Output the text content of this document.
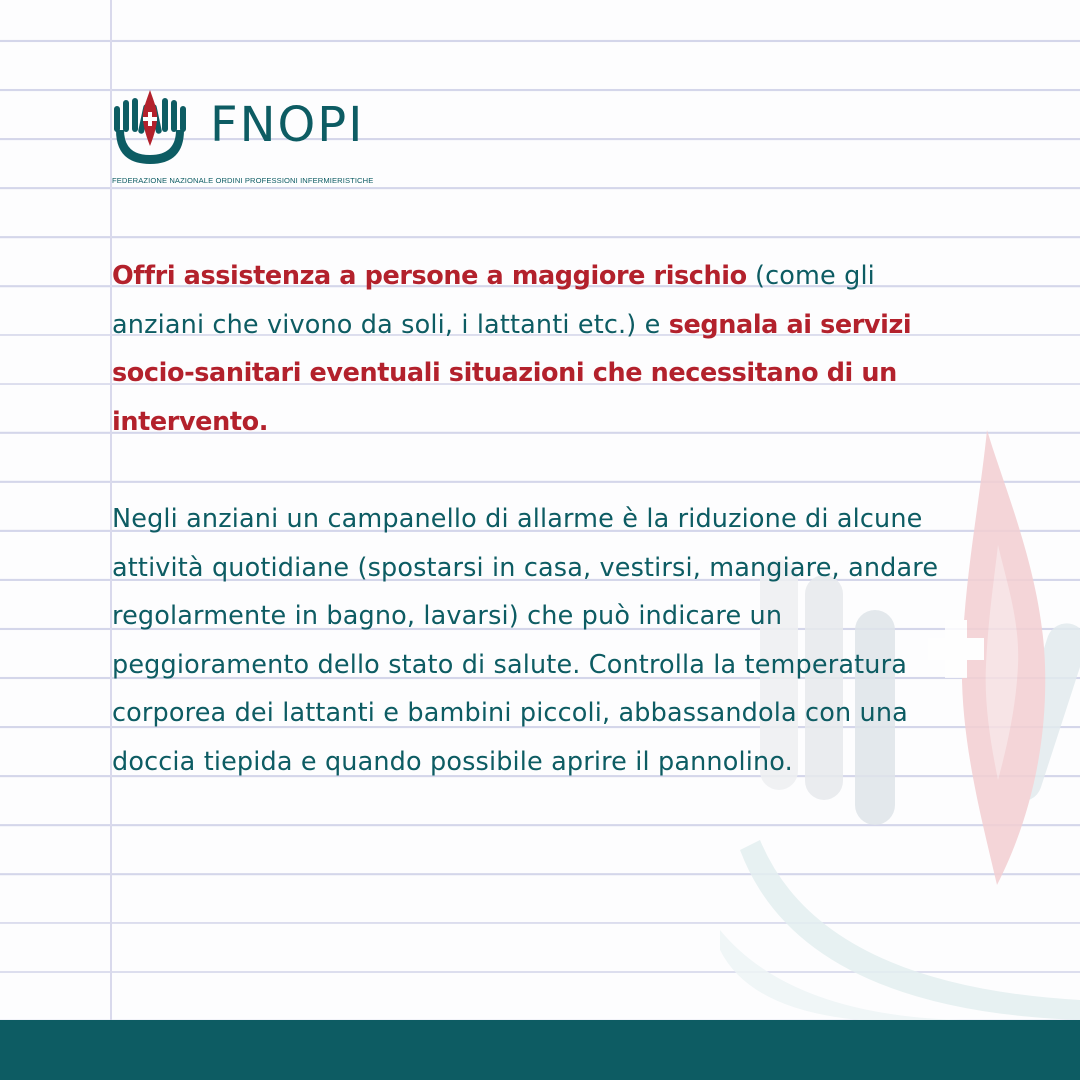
FNOPI
FEDERAZIONE NAZIONALE ORDINI PROFESSIONI INFERMIERISTICHE

Offri assistenza a persone a maggiore rischio (come gli anziani che vivono da soli, i lattanti etc.) e segnala ai servizi socio-sanitari eventuali situazioni che necessitano di un intervento.

Negli anziani un campanello di allarme è la riduzione di alcune attività quotidiane (spostarsi in casa, vestirsi, mangiare, andare regolarmente in bagno, lavarsi) che può indicare un peggioramento dello stato di salute. Controlla la temperatura corporea dei lattanti e bambini piccoli, abbassandola con una doccia tiepida e quando possibile aprire il pannolino.
